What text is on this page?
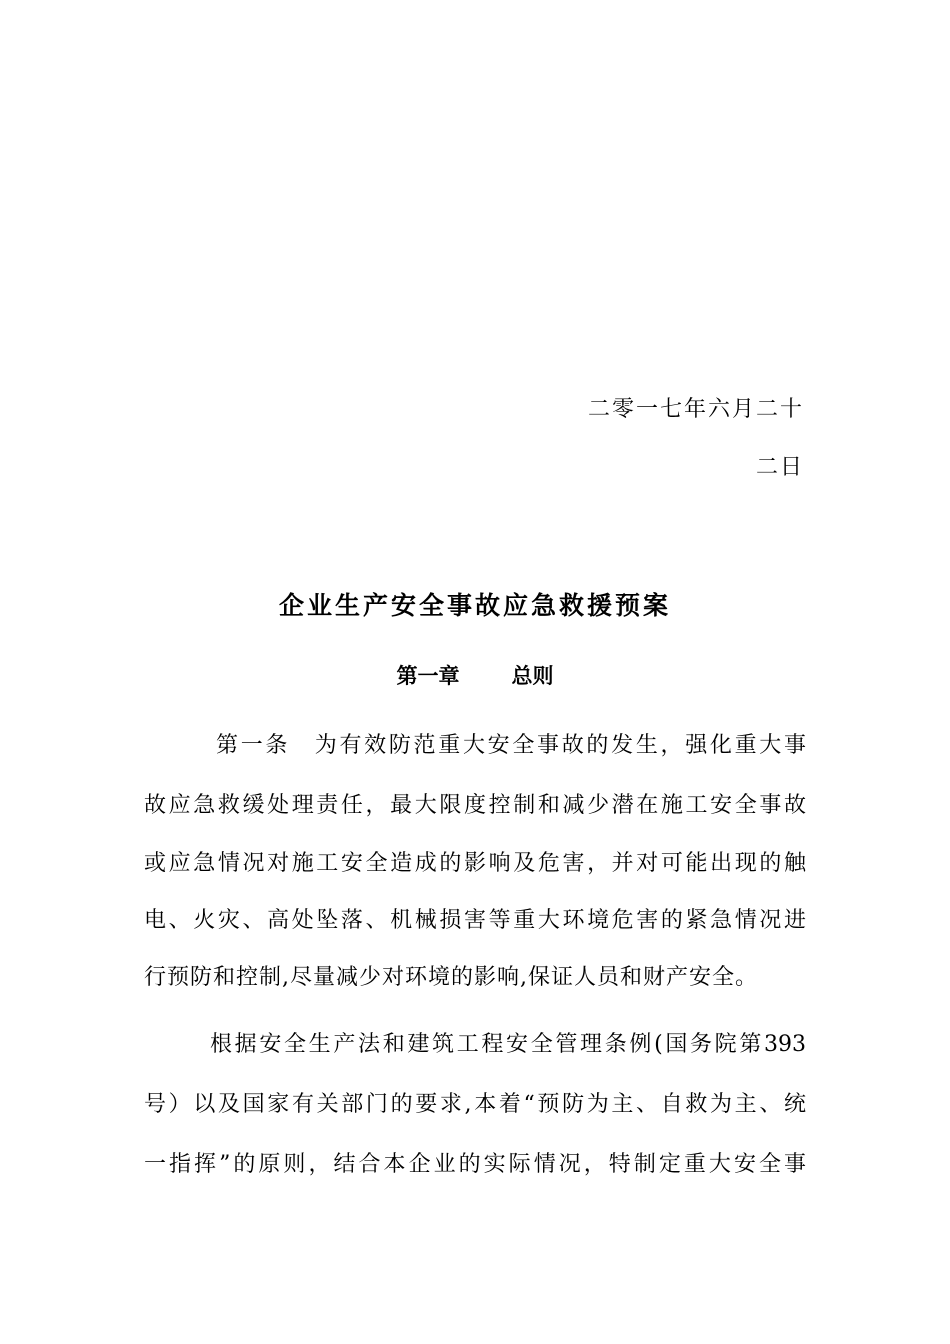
二零一七年六月二十
二日
企业生产安全事故应急救援预案
第一章 总则
第一条　为有效防范重大安全事故的发生，强化重大事
故应急救缓处理责任，最大限度控制和减少潜在施工安全事故
或应急情况对施工安全造成的影响及危害，并对可能出现的触
电、火灾、高处坠落、机械损害等重大环境危害的紧急情况进
行预防和控制,尽量减少对环境的影响,保证人员和财产安全。
根据安全生产法和建筑工程安全管理条例(国务院第393
号）以及国家有关部门的要求,本着“预防为主、自救为主、统
一指挥”的原则，结合本企业的实际情况，特制定重大安全事
